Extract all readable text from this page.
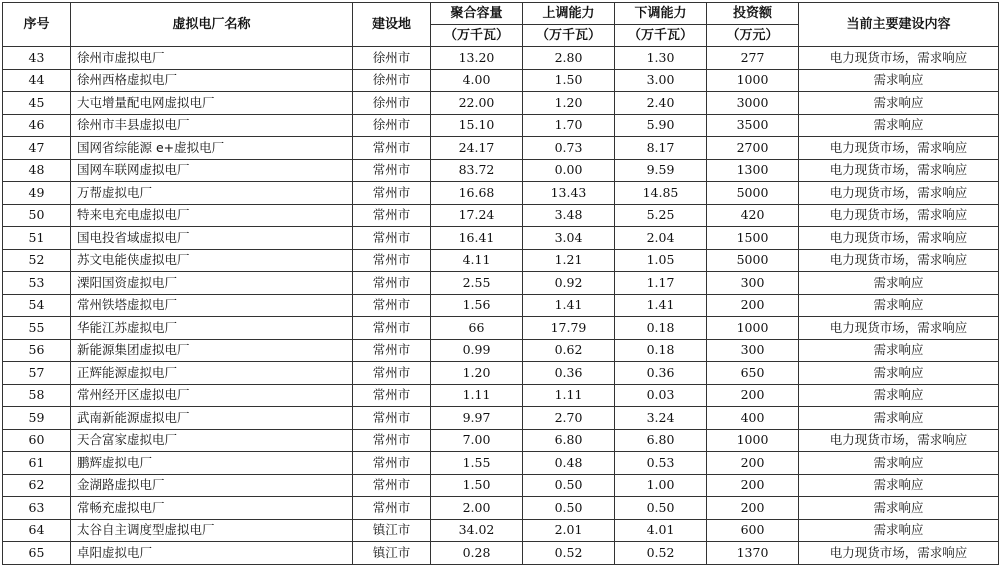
序号	虚拟电厂名称	建设地	聚合容量	上调能力	下调能力	投资额	当前主要建设内容
			（万千瓦）	（万千瓦）	（万千瓦）	（万元）	
43	徐州市虚拟电厂	徐州市	13.20	2.80	1.30	277	电力现货市场，需求响应
44	徐州西格虚拟电厂	徐州市	4.00	1.50	3.00	1000	需求响应
45	大屯增量配电网虚拟电厂	徐州市	22.00	1.20	2.40	3000	需求响应
46	徐州市丰县虚拟电厂	徐州市	15.10	1.70	5.90	3500	需求响应
47	国网省综能源 e+虚拟电厂	常州市	24.17	0.73	8.17	2700	电力现货市场，需求响应
48	国网车联网虚拟电厂	常州市	83.72	0.00	9.59	1300	电力现货市场，需求响应
49	万帮虚拟电厂	常州市	16.68	13.43	14.85	5000	电力现货市场，需求响应
50	特来电充电虚拟电厂	常州市	17.24	3.48	5.25	420	电力现货市场，需求响应
51	国电投省域虚拟电厂	常州市	16.41	3.04	2.04	1500	电力现货市场，需求响应
52	苏文电能侠虚拟电厂	常州市	4.11	1.21	1.05	5000	电力现货市场，需求响应
53	溧阳国资虚拟电厂	常州市	2.55	0.92	1.17	300	需求响应
54	常州铁塔虚拟电厂	常州市	1.56	1.41	1.41	200	需求响应
55	华能江苏虚拟电厂	常州市	66	17.79	0.18	1000	电力现货市场，需求响应
56	新能源集团虚拟电厂	常州市	0.99	0.62	0.18	300	需求响应
57	正辉能源虚拟电厂	常州市	1.20	0.36	0.36	650	需求响应
58	常州经开区虚拟电厂	常州市	1.11	1.11	0.03	200	需求响应
59	武南新能源虚拟电厂	常州市	9.97	2.70	3.24	400	需求响应
60	天合富家虚拟电厂	常州市	7.00	6.80	6.80	1000	电力现货市场，需求响应
61	鹏辉虚拟电厂	常州市	1.55	0.48	0.53	200	需求响应
62	金湖路虚拟电厂	常州市	1.50	0.50	1.00	200	需求响应
63	常畅充虚拟电厂	常州市	2.00	0.50	0.50	200	需求响应
64	太谷自主调度型虚拟电厂	镇江市	34.02	2.01	4.01	600	需求响应
65	卓阳虚拟电厂	镇江市	0.28	0.52	0.52	1370	电力现货市场，需求响应
